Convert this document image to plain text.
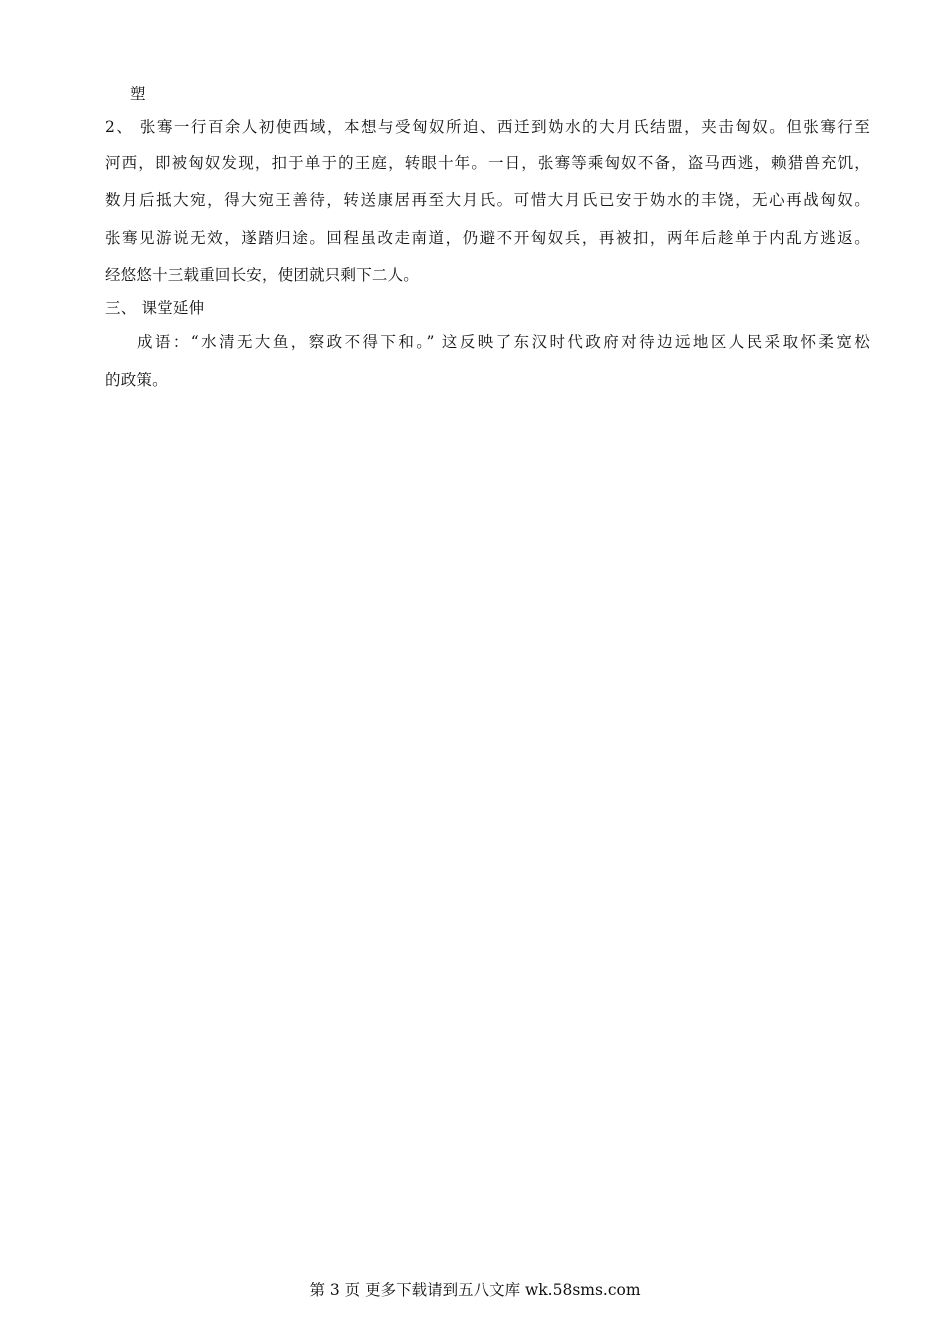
塑
2、 张骞一行百余人初使西域，本想与受匈奴所迫、西迁到妫水的大月氏结盟，夹击匈奴。但张骞行至
河西，即被匈奴发现，扣于单于的王庭，转眼十年。一日，张骞等乘匈奴不备，盗马西逃，赖猎兽充饥，
数月后抵大宛，得大宛王善待，转送康居再至大月氏。可惜大月氏已安于妫水的丰饶，无心再战匈奴。
张骞见游说无效，遂踏归途。回程虽改走南道，仍避不开匈奴兵，再被扣，两年后趁单于内乱方逃返。
经悠悠十三载重回长安，使团就只剩下二人。
三、 课堂延伸
成语：“水清无大鱼，察政不得下和。” 这反映了东汉时代政府对待边远地区人民采取怀柔宽松
的政策。
第 3 页 更多下载请到五八文库 wk.58sms.com
